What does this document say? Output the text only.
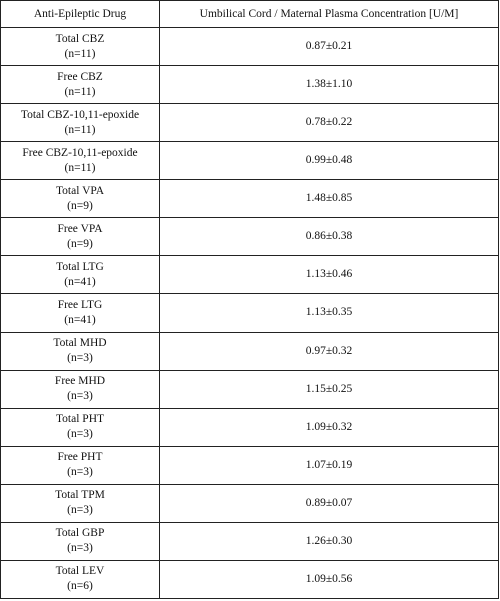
Anti-Epileptic Drug	Umbilical Cord / Maternal Plasma Concentration [U/M]

Total CBZ
(n=11)	0.87±0.21

Free CBZ
(n=11)	1.38±1.10

Total CBZ-10,11-epoxide
(n=11)	0.78±0.22

Free CBZ-10,11-epoxide
(n=11)	0.99±0.48

Total VPA
(n=9)	1.48±0.85

Free VPA
(n=9)	0.86±0.38

Total LTG
(n=41)	1.13±0.46

Free LTG
(n=41)	1.13±0.35

Total MHD
(n=3)	0.97±0.32

Free MHD
(n=3)	1.15±0.25

Total PHT
(n=3)	1.09±0.32

Free PHT
(n=3)	1.07±0.19

Total TPM
(n=3)	0.89±0.07

Total GBP
(n=3)	1.26±0.30

Total LEV
(n=6)	1.09±0.56
